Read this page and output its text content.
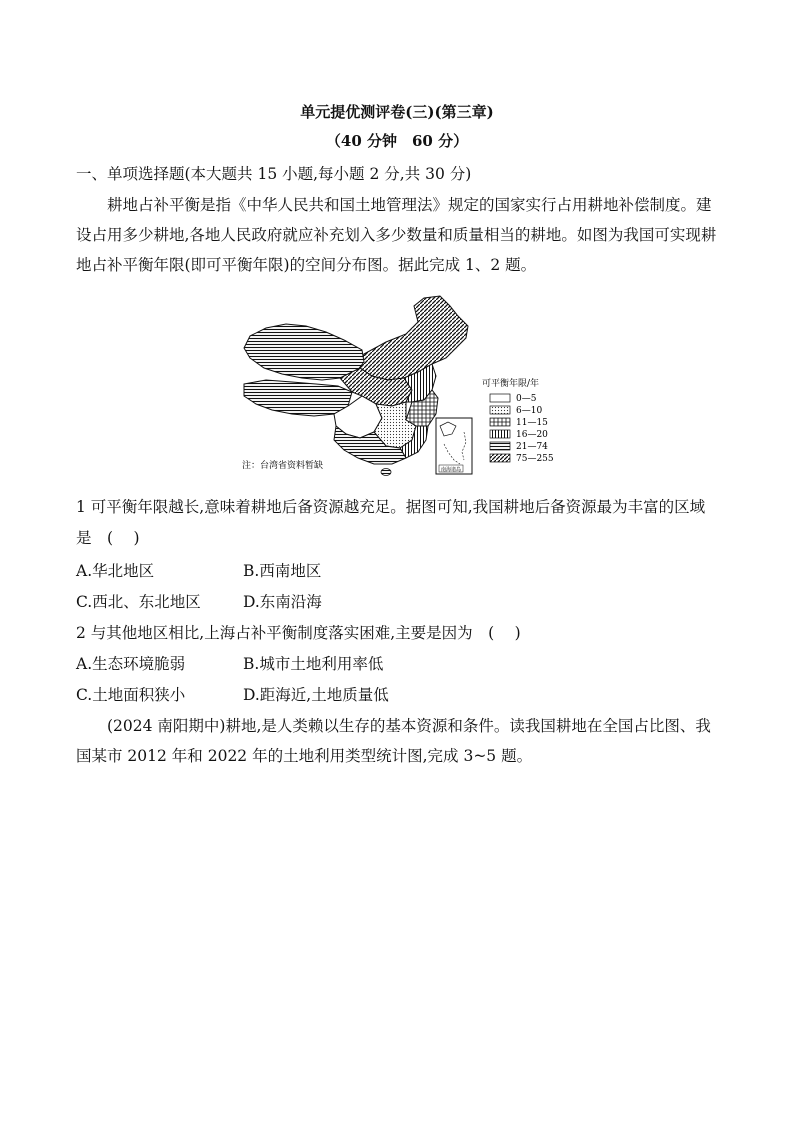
单元提优测评卷(三)(第三章)
（40 分钟　60 分）
一、单项选择题(本大题共 15 小题,每小题 2 分,共 30 分)
耕地占补平衡是指《中华人民共和国土地管理法》规定的国家实行占用耕地补偿制度。建设占用多少耕地,各地人民政府就应补充划入多少数量和质量相当的耕地。如图为我国可实现耕地占补平衡年限(即可平衡年限)的空间分布图。据此完成 1、2 题。
南海诸岛
注：台湾省资料暂缺
可平衡年限/年
0—5
6—10
11—15
16—20
21—74
75—255
1 可平衡年限越长,意味着耕地后备资源越充足。据图可知,我国耕地后备资源最为丰富的区域
是　(　 )
A.华北地区	B.西南地区
C.西北、东北地区	D.东南沿海
2 与其他地区相比,上海占补平衡制度落实困难,主要是因为　(　 )
A.生态环境脆弱	B.城市土地利用率低
C.土地面积狭小	D.距海近,土地质量低
(2024 南阳期中)耕地,是人类赖以生存的基本资源和条件。读我国耕地在全国占比图、我国某市 2012 年和 2022 年的土地利用类型统计图,完成 3~5 题。
